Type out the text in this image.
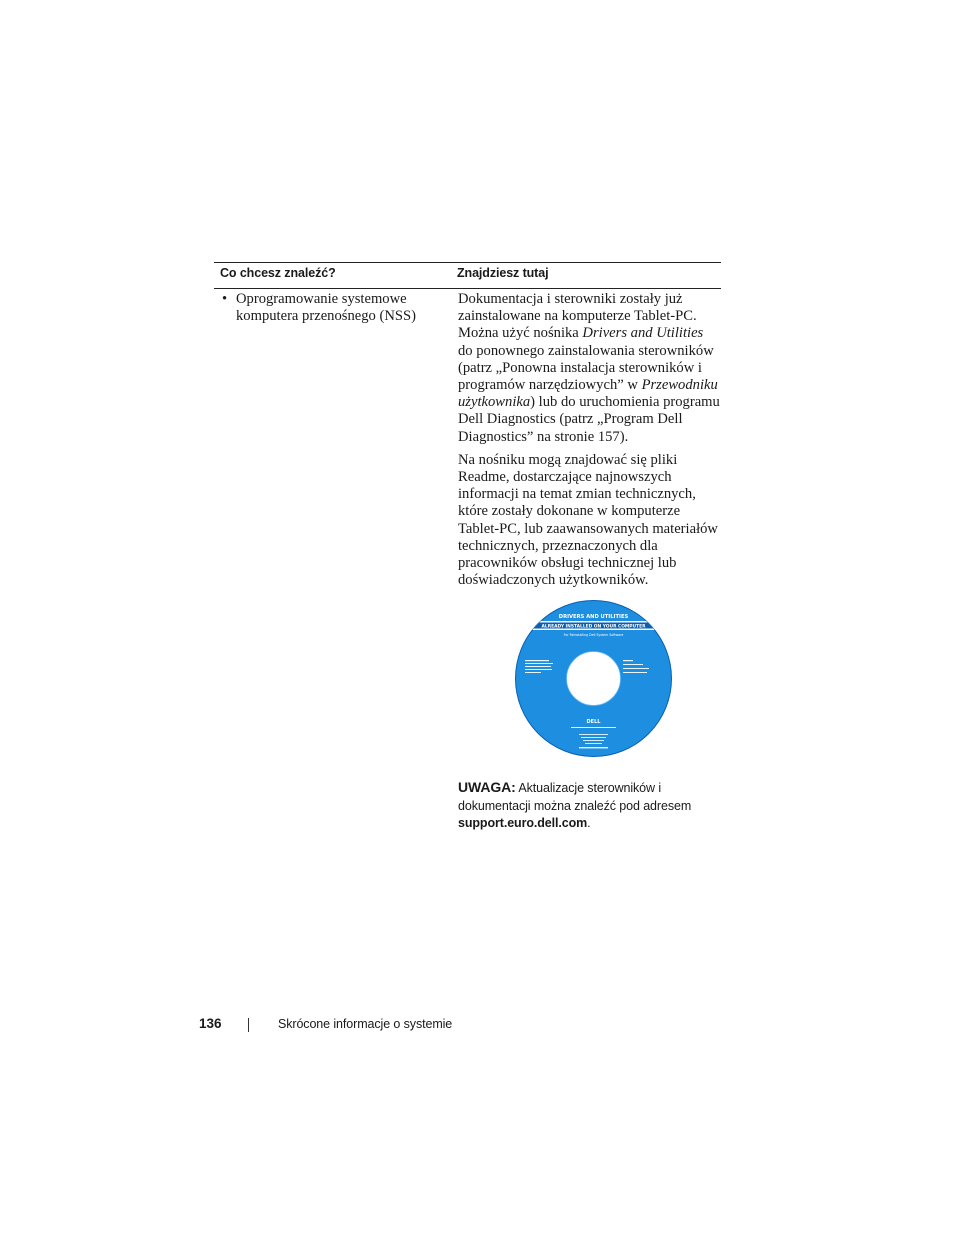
Co chcesz znaleźć?	Znajdziesz tutaj
• Oprogramowanie systemowe komputera przenośnego (NSS)

Dokumentacja i sterowniki zostały już zainstalowane na komputerze Tablet-PC. Można użyć nośnika Drivers and Utilities do ponownego zainstalowania sterowników (patrz „Ponowna instalacja sterowników i programów narzędziowych” w Przewodniku użytkownika) lub do uruchomienia programu Dell Diagnostics (patrz „Program Dell Diagnostics” na stronie 157).

Na nośniku mogą znajdować się pliki Readme, dostarczające najnowszych informacji na temat zmian technicznych, które zostały dokonane w komputerze Tablet-PC, lub zaawansowanych materiałów technicznych, przeznaczonych dla pracowników obsługi technicznej lub doświadczonych użytkowników.

DRIVERS AND UTILITIES
ALREADY INSTALLED ON YOUR COMPUTER
For Reinstalling Dell System Software
DELL
UWAGA: Aktualizacje sterowników i dokumentacji można znaleźć pod adresem support.euro.dell.com.
136	Skrócone informacje o systemie
